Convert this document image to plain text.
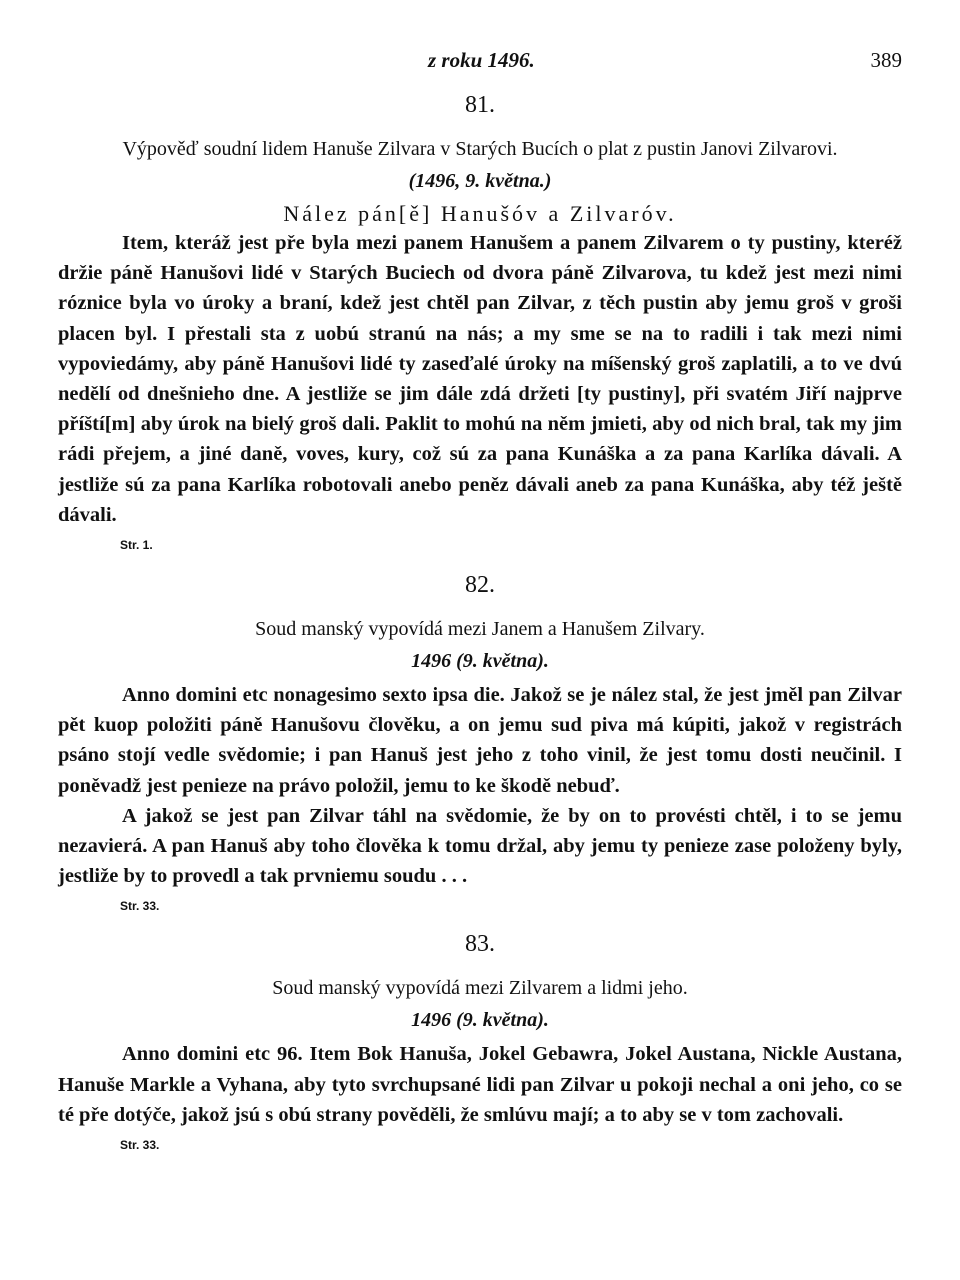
z roku 1496.	389
81.
Výpověď soudní lidem Hanuše Zilvara v Starých Bucích o plat z pustin Janovi Zilvarovi.
(1496, 9. května.)
Nález pán[ě] Hanušóv a Zilvaróv.

Item, kteráž jest pře byla mezi panem Hanušem a panem Zilvarem o ty pustiny, kteréž držie páně Hanušovi lidé v Starých Buciech od dvora páně Zilvarova, tu kdež jest mezi nimi róznice byla vo úroky a braní, kdež jest chtěl pan Zilvar, z těch pustin aby jemu groš v groši placen byl. I přestali sta z uobú stranú na nás; a my sme se na to radili i tak mezi nimi vypoviedámy, aby páně Hanušovi lidé ty zaseďalé úroky na míšenský groš zaplatili, a to ve dvú nedělí od dnešnieho dne. A jestliže se jim dále zdá držeti [ty pustiny], při svatém Jiří najprve příští[m] aby úrok na bielý groš dali. Paklit to mohú na něm jmieti, aby od nich bral, tak my jim rádi přejem, a jiné daně, voves, kury, což sú za pana Kunáška a za pana Karlíka dávali. A jestliže sú za pana Karlíka robotovali anebo peněz dávali aneb za pana Kunáška, aby též ještě dávali.

Str. 1.
82.
Soud manský vypovídá mezi Janem a Hanušem Zilvary.
1496 (9. května).

Anno domini etc nonagesimo sexto ipsa die. Jakož se je nález stal, že jest jměl pan Zilvar pět kuop položiti páně Hanušovu člověku, a on jemu sud piva má kúpiti, jakož v registrách psáno stojí vedle svědomie; i pan Hanuš jest jeho z toho vinil, že jest tomu dosti neučinil. I poněvadž jest penieze na právo položil, jemu to ke škodě nebuď.

A jakož se jest pan Zilvar táhl na svědomie, že by on to provésti chtěl, i to se jemu nezavierá. A pan Hanuš aby toho člověka k tomu držal, aby jemu ty penieze zase položeny byly, jestliže by to provedl a tak prvniemu soudu . . .

Str. 33.
83.
Soud manský vypovídá mezi Zilvarem a lidmi jeho.
1496 (9. května).

Anno domini etc 96. Item Bok Hanuša, Jokel Gebawra, Jokel Austana, Nickle Austana, Hanuše Markle a Vyhana, aby tyto svrchupsané lidi pan Zilvar u pokoji nechal a oni jeho, co se té pře dotýče, jakož jsú s obú strany pověděli, že smlúvu mají; a to aby se v tom zachovali.

Str. 33.
